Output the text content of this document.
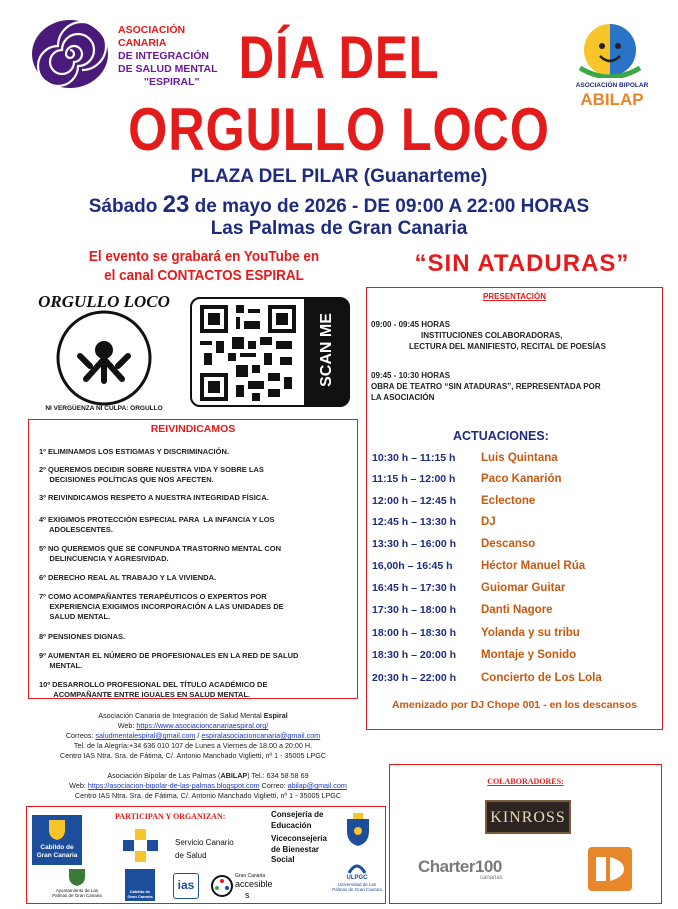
ASOCIACIÓN CANARIA
DE INTEGRACIÓN
DE SALUD MENTAL
"ESPIRAL" DÍA DEL
ORGULLO LOCO
ASOCIACIÓN BIPOLAR
ABILAP
PLAZA DEL PILAR (Guanarteme)
Sábado 23 de mayo de 2026 - DE 09:00 A 22:00 HORAS
Las Palmas de Gran Canaria
El evento se grabará en YouTube en
el canal CONTACTOS ESPIRAL	“SIN ATADURAS”
ORGULLO LOCO
NI VERGÜENZA NI CULPA: ORGULLO
SCAN ME
PRESENTACIÓN
09:00 - 09:45 HORAS
INSTITUCIONES COLABORADORAS,
LECTURA DEL MANIFIESTO, RECITAL DE POESÍAS
09:45 - 10:30 HORAS
OBRA DE TEATRO “SIN ATADURAS”, REPRESENTADA POR
LA ASOCIACIÓN
ACTUACIONES:
10:30 h – 11:15 h Luis Quintana
11:15 h – 12:00 h Paco Kanarión
12:00 h – 12:45 h Eclectone
12:45 h – 13:30 h DJ
13:30 h – 16:00 h Descanso
16,00h – 16:45 h Héctor Manuel Rúa
16:45 h – 17:30 h Guiomar Guitar
17:30 h – 18:00 h Danti Nagore
18:00 h – 18:30 h Yolanda y su tribu
18:30 h – 20:00 h Montaje y Sonido
20:30 h – 22:00 h Concierto de Los Lola
Amenizado por DJ Chope 001 - en los descansos
REIVINDICAMOS
1º ELIMINAMOS LOS ESTIGMAS Y DISCRIMINACIÓN.
2º QUEREMOS DECIDIR SOBRE NUESTRA VIDA Y SOBRE LAS
DECISIONES POLÍTICAS QUE NOS AFECTEN.
3º REIVINDICAMOS RESPETO A NUESTRA INTEGRIDAD FÍSICA.
4º EXIGIMOS PROTECCIÓN ESPECIAL PARA  LA INFANCIA Y LOS
ADOLESCENTES.
5º NO QUEREMOS QUE SE CONFUNDA TRASTORNO MENTAL CON
DELINCUENCIA Y AGRESIVIDAD.
6º DERECHO REAL AL TRABAJO Y LA VIVIENDA.
7º COMO ACOMPAÑANTES TERAPÉUTICOS O EXPERTOS POR
EXPERIENCIA EXIGIMOS INCORPORACIÓN A LAS UNIDADES DE
SALUD MENTAL.
8º PENSIONES DIGNAS.
9º AUMENTAR EL NÚMERO DE PROFESIONALES EN LA RED DE SALUD
MENTAL.
10º DESARROLLO PROFESIONAL DEL TÍTULO ACADÉMICO DE
ACOMPAÑANTE ENTRE IGUALES EN SALUD MENTAL.
Asociación Canaria de Integración de Salud Mental Espiral
Web: https://www.asociacioncanariaespiral.org/
Correos: saludmentalespiral@gmail.com / espiralasociacioncanaria@gmail.com
Tel. de la Alegría:+34 636 010 107 de Lunes a Viernes de 18.00 a 20:00 H.
Centro IAS Ntra. Sra. de Fátima, C/. Antonio Manchado Viglietti, nº 1 - 35005 LPGC
Asociación Bipolar de Las Palmas (ABILAP) Tel.: 634 58 58 69
Web: https://asociacion-bipolar-de-las-palmas.blogspot.com Correo: abilap@gmail.com
Centro IAS Ntra. Sra. de Fátima, C/. Antonio Manchado Viglietti, nº 1 - 35005 LPGC
PARTICIPAN Y ORGANIZAN:
Cabildo de Gran Canaria
Servicio Canario
de Salud
Consejería de
Educación
Viceconsejería
de Bienestar
Social
Ayuntamiento de Las Palmas de Gran Canaria
Cabildo de Gran Canaria
ias
Gran Canaria
accesible
s
ULPGC
Universidad de Las Palmas de Gran Canaria
COLABORADORES:
KINROSS
Charter100
canarias
